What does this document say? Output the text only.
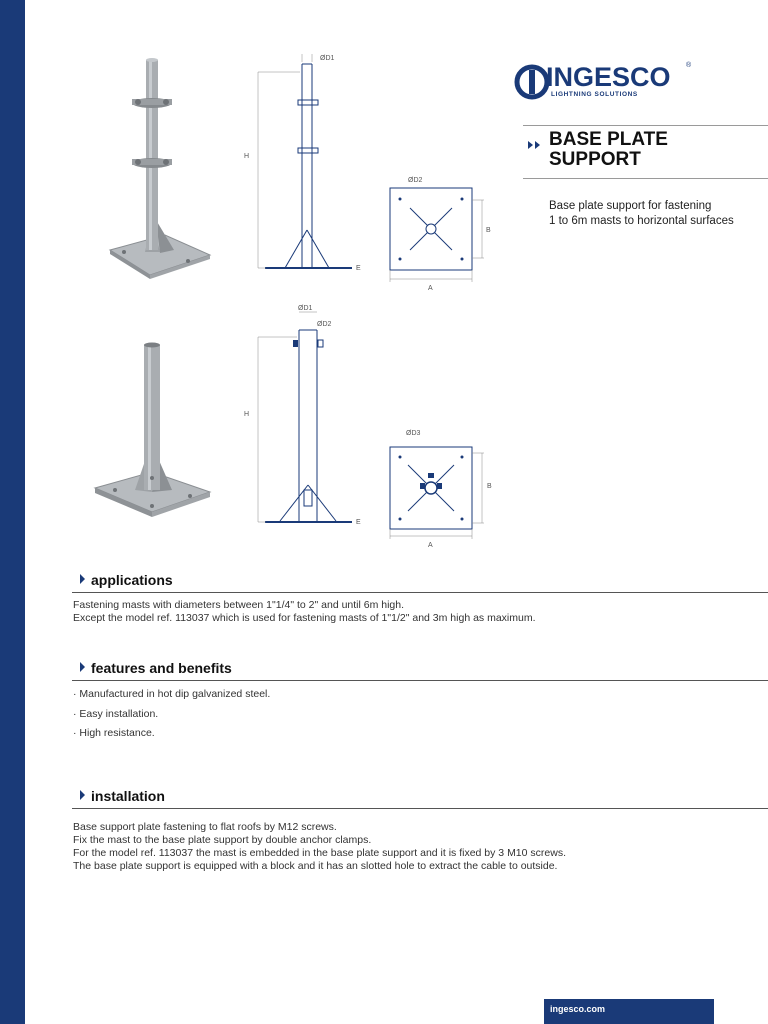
INGESCO ®
LIGHTNING SOLUTIONS
BASE PLATE
SUPPORT
Base plate support for fastening
1 to 6m masts to horizontal surfaces
ØD1
H
E
ØD2
B
A
ØD1
ØD2
H
E
ØD3
B
A
applications
Fastening masts with diameters between 1"1/4" to 2" and until 6m high.
Except the model ref. 113037 which is used for fastening masts of 1"1/2" and 3m high as maximum.
features and benefits
· Manufactured in hot dip galvanized steel.
· Easy installation.
· High resistance.
installation
Base support plate fastening to flat roofs by M12 screws.
Fix the mast to the base plate support by double anchor clamps.
For the model ref. 113037 the mast is embedded in the base plate support and it is fixed by 3 M10 screws.
The base plate support is equipped with a block and it has an slotted hole to extract the cable to outside.
ingesco.com
